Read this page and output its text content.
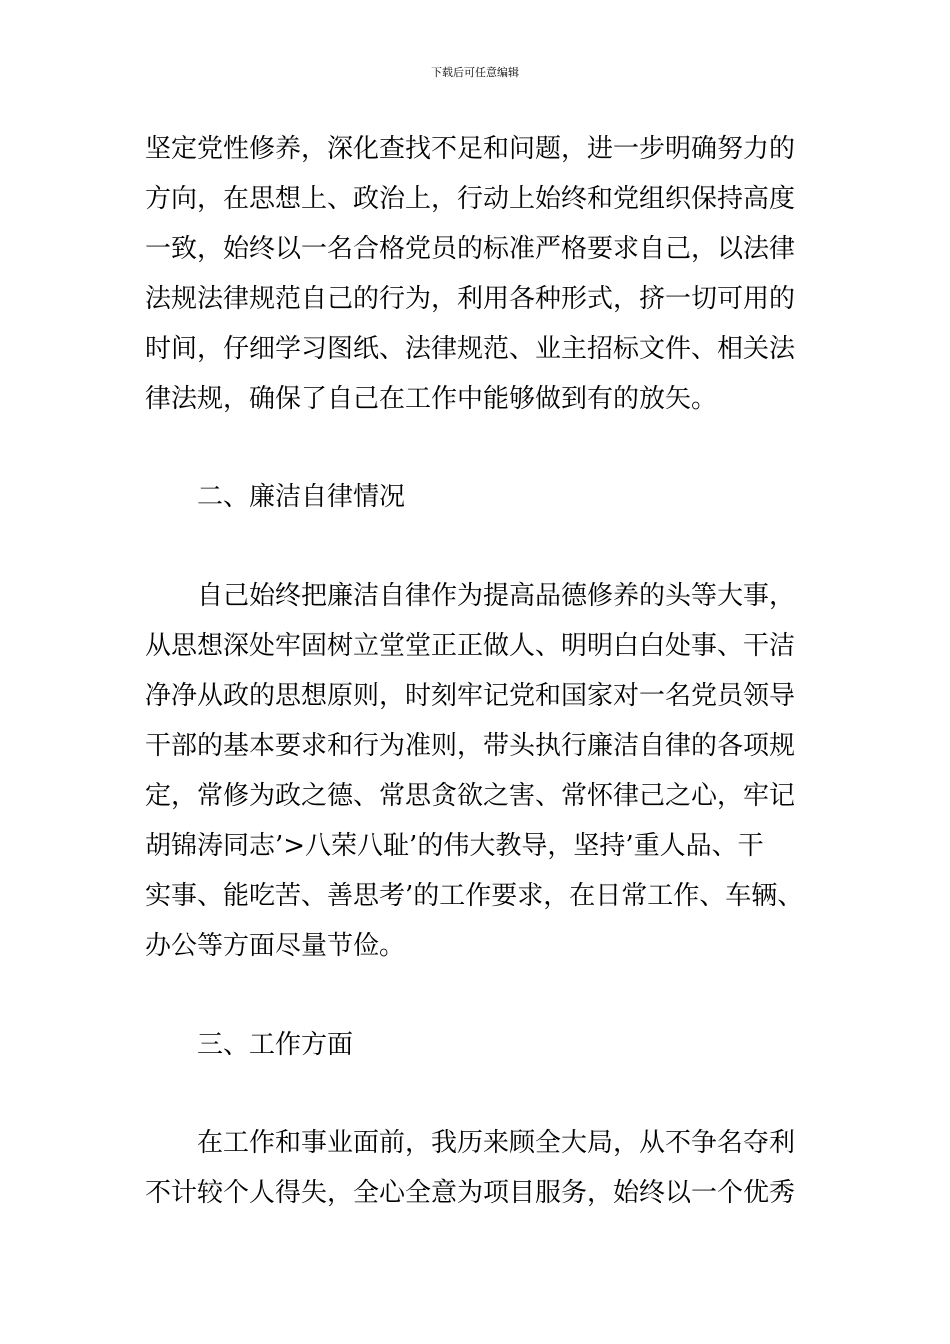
下载后可任意编辑
坚定党性修养，深化查找不足和问题，进一步明确努力的
方向，在思想上、政治上，行动上始终和党组织保持高度
一致，始终以一名合格党员的标准严格要求自己，以法律
法规法律规范自己的行为，利用各种形式，挤一切可用的
时间，仔细学习图纸、法律规范、业主招标文件、相关法
律法规，确保了自己在工作中能够做到有的放矢。
二、廉洁自律情况
自己始终把廉洁自律作为提高品德修养的头等大事，
从思想深处牢固树立堂堂正正做人、明明白白处事、干洁
净净从政的思想原则，时刻牢记党和国家对一名党员领导
干部的基本要求和行为准则，带头执行廉洁自律的各项规
定，常修为政之德、常思贪欲之害、常怀律己之心，牢记
胡锦涛同志’>八荣八耻’的伟大教导，坚持’重人品、干
实事、能吃苦、善思考’的工作要求，在日常工作、车辆、
办公等方面尽量节俭。
三、工作方面
在工作和事业面前，我历来顾全大局，从不争名夺利
不计较个人得失，全心全意为项目服务，始终以一个优秀
